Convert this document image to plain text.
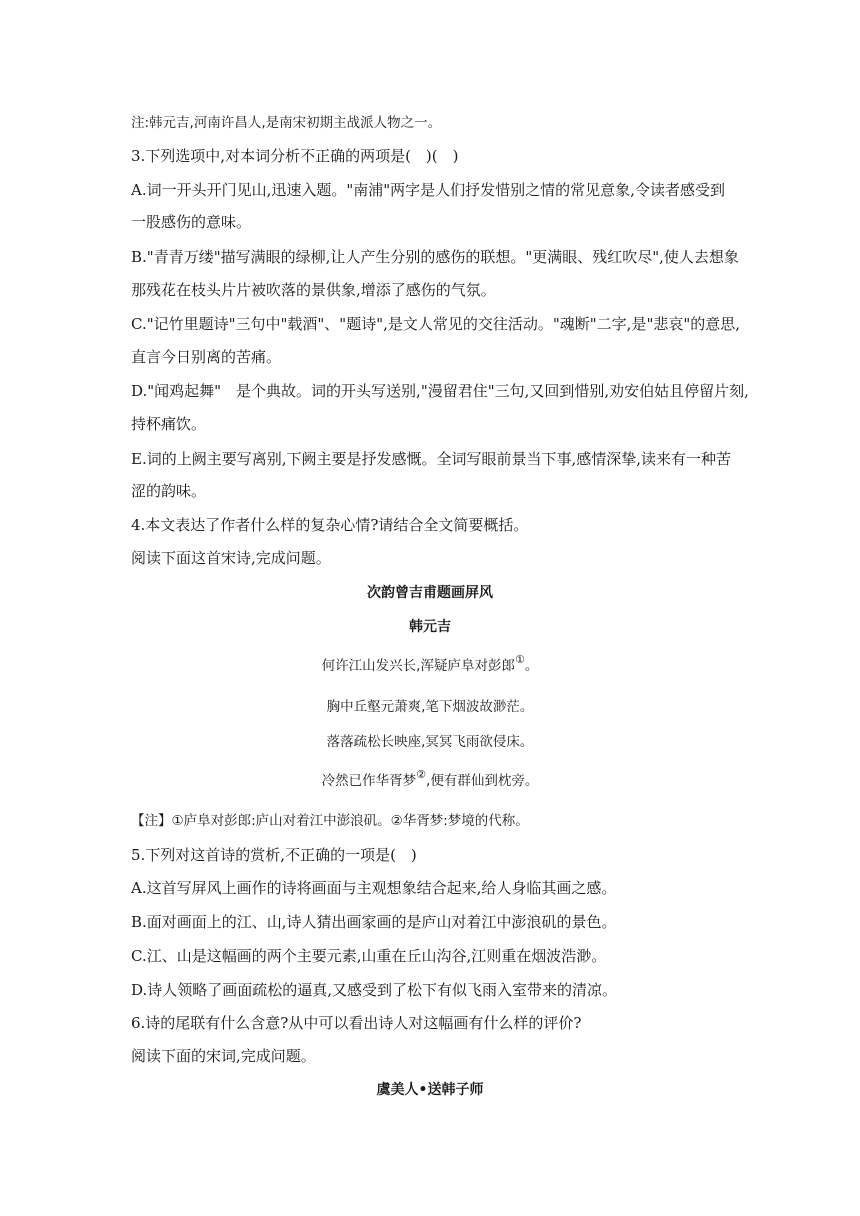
注:韩元吉,河南许昌人,是南宋初期主战派人物之一。
3.下列选项中,对本词分析不正确的两项是(　)(　)
A.词一开头开门见山,迅速入题。"南浦"两字是人们抒发惜别之情的常见意象,令读者感受到
一股感伤的意味。
B."青青万缕"描写满眼的绿柳,让人产生分别的感伤的联想。"更满眼、残红吹尽",使人去想象
那残花在枝头片片被吹落的景供象,增添了感伤的气氛。
C."记竹里题诗"三句中"载酒"、"题诗",是文人常见的交往活动。"魂断"二字,是"悲哀"的意思,
直言今日别离的苦痛。
D."闻鸡起舞"　是个典故。词的开头写送别,"漫留君住"三句,又回到惜别,劝安伯姑且停留片刻,
持杯痛饮。
E.词的上阙主要写离别,下阙主要是抒发感慨。全词写眼前景当下事,感情深挚,读来有一种苦
涩的韵味。
4.本文表达了作者什么样的复杂心情?请结合全文简要概括。
阅读下面这首宋诗,完成问题。
次韵曾吉甫题画屏风
韩元吉
何许江山发兴长,浑疑庐阜对彭郎①。
胸中丘壑元萧爽,笔下烟波故渺茫。
落落疏松长映座,冥冥飞雨欲侵床。
冷然已作华胥梦②,便有群仙到枕旁。
【注】①庐阜对彭郎:庐山对着江中澎浪矶。②华胥梦:梦境的代称。
5.下列对这首诗的赏析,不正确的一项是(　)
A.这首写屏风上画作的诗将画面与主观想象结合起来,给人身临其画之感。
B.面对画面上的江、山,诗人猜出画家画的是庐山对着江中澎浪矶的景色。
C.江、山是这幅画的两个主要元素,山重在丘山沟谷,江则重在烟波浩渺。
D.诗人领略了画面疏松的逼真,又感受到了松下有似飞雨入室带来的清凉。
6.诗的尾联有什么含意?从中可以看出诗人对这幅画有什么样的评价?
阅读下面的宋词,完成问题。
虞美人•送韩子师
